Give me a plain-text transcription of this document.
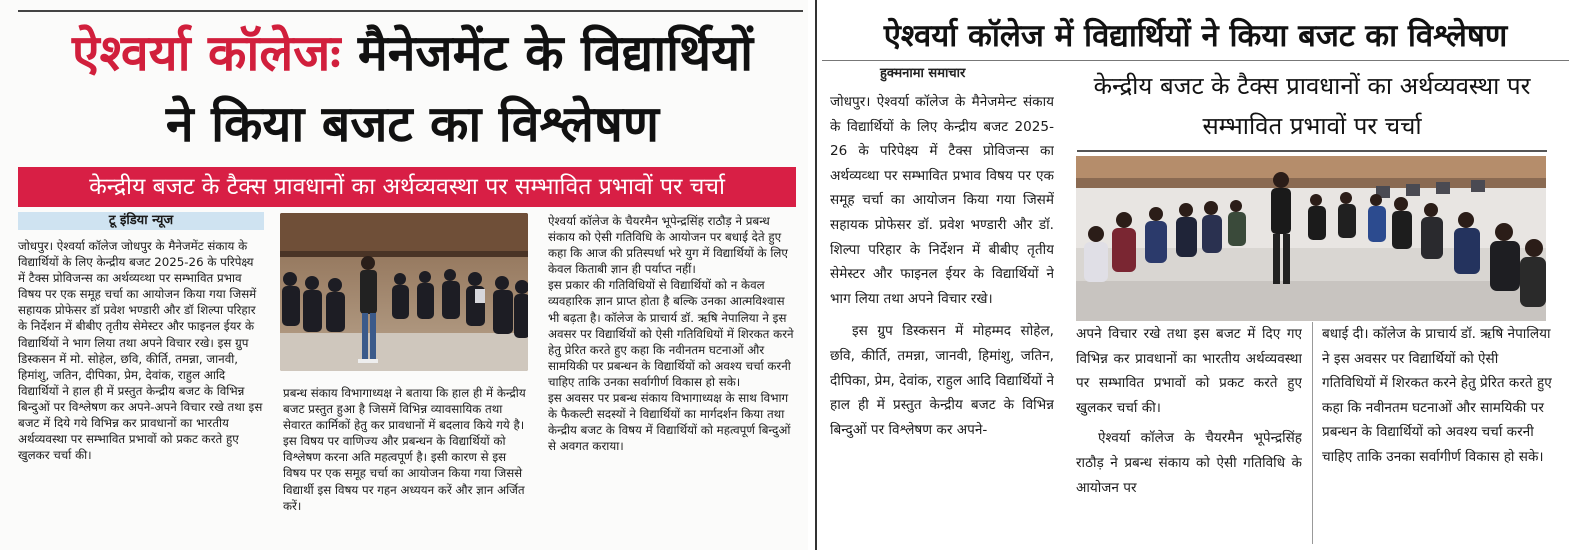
ऐश्वर्या कॉलेजः मैनेजमेंट के विद्यार्थियों
ने किया बजट का विश्लेषण
केन्द्रीय बजट के टैक्स प्रावधानों का अर्थव्यवस्था पर सम्भावित प्रभावों पर चर्चा
टू इंडिया न्यूज
जोधपुर। ऐश्वर्या कॉलेज जोधपुर के मैनेजमेंट संकाय के विद्यार्थियों के लिए केन्द्रीय बजट 2025-26 के परिपेक्ष्य में टैक्स प्रोविजन्स का अर्थव्यव्था पर सम्भावित प्रभाव विषय पर एक समूह चर्चा का आयोजन किया गया जिसमें सहायक प्रोफेसर डॉ प्रवेश भण्डारी और डॉ शिल्पा परिहार के निर्देशन में बीबीए तृतीय सेमेस्टर और फाइनल ईयर के विद्यार्थियों ने भाग लिया तथा अपने विचार रखे। इस ग्रुप डिस्कसन में मो. सोहेल, छवि, कीर्ति, तमन्ना, जानवी, हिमांशु, जतिन, दीपिका, प्रेम, देवांक, राहुल आदि विद्यार्थियों ने हाल ही में प्रस्तुत केन्द्रीय बजट के विभिन्न बिन्दुओं पर विश्लेषण कर अपने-अपने विचार रखे तथा इस बजट में दिये गये विभिन्न कर प्रावधानों का भारतीय अर्थव्यवस्था पर सम्भावित प्रभावों को प्रकट करते हुए खुलकर चर्चा की।
प्रबन्ध संकाय विभागाध्यक्ष ने बताया कि हाल ही में केन्द्रीय बजट प्रस्तुत हुआ है जिसमें विभिन्न व्यावसायिक तथा सेवारत कार्मिकों हेतु कर प्रावधानों में बदलाव किये गये है। इस विषय पर वाणिज्य और प्रबन्धन के विद्यार्थियों को विश्लेषण करना अति महत्वपूर्ण है। इसी कारण से इस विषय पर एक समूह चर्चा का आयोजन किया गया जिससे विद्यार्थी इस विषय पर गहन अध्ययन करें और ज्ञान अर्जित करें।

ऐश्वर्या कॉलेज के चैयरमैन भूपेन्द्रसिंह राठौड़ ने प्रबन्ध संकाय को ऐसी गतिविधि के आयोजन पर बधाई देते हुए कहा कि आज की प्रतिस्पर्धा भरे युग में विद्यार्थियों के लिए केवल किताबी ज्ञान ही पर्याप्त नहीं।

इस प्रकार की गतिविधियों से विद्यार्थियों को न केवल व्यवहारिक ज्ञान प्राप्त होता है बल्कि उनका आत्मविश्वास भी बढ़ता है। कॉलेज के प्राचार्य डॉ. ऋषि नेपालिया ने इस अवसर पर विद्यार्थियों को ऐसी गतिविधियों में शिरकत करने हेतु प्रेरित करते हुए कहा कि नवीनतम घटनाओं और सामयिकी पर प्रबन्धन के विद्यार्थियों को अवश्य चर्चा करनी चाहिए ताकि उनका सर्वागीर्ण विकास हो सके।

इस अवसर पर प्रबन्ध संकाय विभागाध्यक्ष के साथ विभाग के फैकल्टी सदस्यों ने विद्यार्थियों का मार्गदर्शन किया तथा केन्द्रीय बजट के विषय में विद्यार्थियों को महत्वपूर्ण बिन्दुओं से अवगत कराया।

ऐश्वर्या कॉलेज में विद्यार्थियों ने किया बजट का विश्लेषण
हुक्मनामा समाचार	केन्द्रीय बजट के टैक्स प्रावधानों का अर्थव्यवस्था पर सम्भावित प्रभावों पर चर्चा

जोधपुर। ऐश्वर्या कॉलेज के मैनेजमेन्ट संकाय के विद्यार्थियों के लिए केन्द्रीय बजट 2025-26 के परिपेक्ष्य में टैक्स प्रोविजन्स का अर्थव्यव्था पर सम्भावित प्रभाव विषय पर एक समूह चर्चा का आयोजन किया गया जिसमें सहायक प्रोफेसर डॉ. प्रवेश भण्डारी और डॉ. शिल्पा परिहार के निर्देशन में बीबीए तृतीय सेमेस्टर और फाइनल ईयर के विद्यार्थियों ने भाग लिया तथा अपने विचार रखे।

इस ग्रुप डिस्कसन में मोहम्मद सोहेल, छवि, कीर्ति, तमन्ना, जानवी, हिमांशु, जतिन, दीपिका, प्रेम, देवांक, राहुल आदि विद्यार्थियों ने हाल ही में प्रस्तुत केन्द्रीय बजट के विभिन्न बिन्दुओं पर विश्लेषण कर अपने-

अपने विचार रखे तथा इस बजट में दिए गए विभिन्न कर प्रावधानों का भारतीय अर्थव्यवस्था पर सम्भावित प्रभावों को प्रकट करते हुए खुलकर चर्चा की।

ऐश्वर्या कॉलेज के चैयरमैन भूपेन्द्रसिंह राठौड़ ने प्रबन्ध संकाय को ऐसी गतिविधि के आयोजन पर

बधाई दी। कॉलेज के प्राचार्य डॉ. ऋषि नेपालिया ने इस अवसर पर विद्यार्थियों को ऐसी गतिविधियों में शिरकत करने हेतु प्रेरित करते हुए कहा कि नवीनतम घटनाओं और सामयिकी पर प्रबन्धन के विद्यार्थियों को अवश्य चर्चा करनी चाहिए ताकि उनका सर्वागीर्ण विकास हो सके।
